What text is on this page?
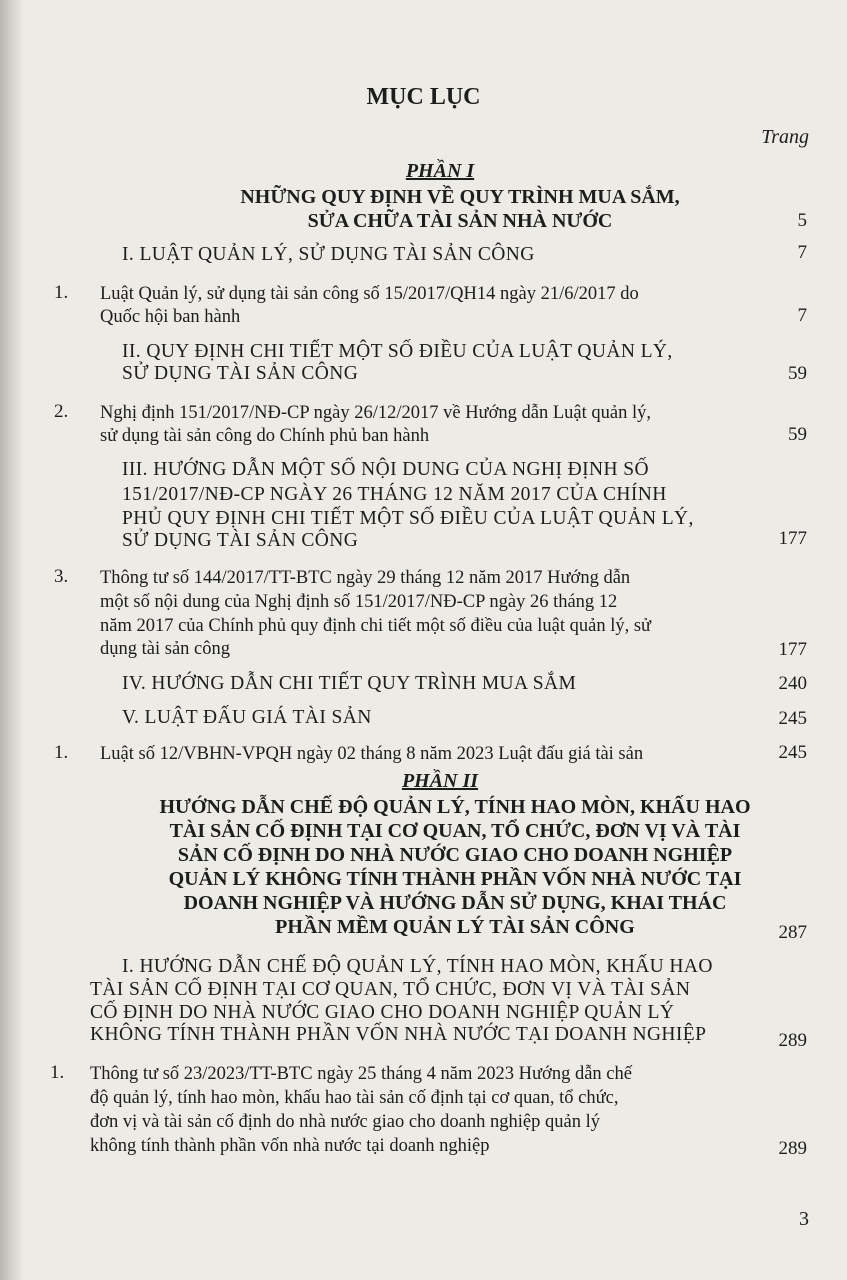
MỤC LỤC
Trang
PHẦN I
NHỮNG QUY ĐỊNH VỀ QUY TRÌNH MUA SẮM,
SỬA CHỮA TÀI SẢN NHÀ NƯỚC	5
I. LUẬT QUẢN LÝ, SỬ DỤNG TÀI SẢN CÔNG	7
1. Luật Quản lý, sử dụng tài sản công số 15/2017/QH14 ngày 21/6/2017 do
Quốc hội ban hành	7
II. QUY ĐỊNH CHI TIẾT MỘT SỐ ĐIỀU CỦA LUẬT QUẢN LÝ,
SỬ DỤNG TÀI SẢN CÔNG	59
2. Nghị định 151/2017/NĐ-CP ngày 26/12/2017 về Hướng dẫn Luật quản lý,
sử dụng tài sản công do Chính phủ ban hành	59
III. HƯỚNG DẪN MỘT SỐ NỘI DUNG CỦA NGHỊ ĐỊNH SỐ
151/2017/NĐ-CP NGÀY 26 THÁNG 12 NĂM 2017 CỦA CHÍNH
PHỦ QUY ĐỊNH CHI TIẾT MỘT SỐ ĐIỀU CỦA LUẬT QUẢN LÝ,
SỬ DỤNG TÀI SẢN CÔNG	177
3. Thông tư số 144/2017/TT-BTC ngày 29 tháng 12 năm 2017 Hướng dẫn
một số nội dung của Nghị định số 151/2017/NĐ-CP ngày 26 tháng 12
năm 2017 của Chính phủ quy định chi tiết một số điều của luật quản lý, sử
dụng tài sản công	177
IV. HƯỚNG DẪN CHI TIẾT QUY TRÌNH MUA SẮM	240
V. LUẬT ĐẤU GIÁ TÀI SẢN	245
1. Luật số 12/VBHN-VPQH ngày 02 tháng 8 năm 2023 Luật đấu giá tài sản	245
PHẦN II
HƯỚNG DẪN CHẾ ĐỘ QUẢN LÝ, TÍNH HAO MÒN, KHẤU HAO
TÀI SẢN CỐ ĐỊNH TẠI CƠ QUAN, TỔ CHỨC, ĐƠN VỊ VÀ TÀI
SẢN CỐ ĐỊNH DO NHÀ NƯỚC GIAO CHO DOANH NGHIỆP
QUẢN LÝ KHÔNG TÍNH THÀNH PHẦN VỐN NHÀ NƯỚC TẠI
DOANH NGHIỆP VÀ HƯỚNG DẪN SỬ DỤNG, KHAI THÁC
PHẦN MỀM QUẢN LÝ TÀI SẢN CÔNG	287
I. HƯỚNG DẪN CHẾ ĐỘ QUẢN LÝ, TÍNH HAO MÒN, KHẤU HAO
TÀI SẢN CỐ ĐỊNH TẠI CƠ QUAN, TỔ CHỨC, ĐƠN VỊ VÀ TÀI SẢN
CỐ ĐỊNH DO NHÀ NƯỚC GIAO CHO DOANH NGHIỆP QUẢN LÝ
KHÔNG TÍNH THÀNH PHẦN VỐN NHÀ NƯỚC TẠI DOANH NGHIỆP	289
1. Thông tư số 23/2023/TT-BTC ngày 25 tháng 4 năm 2023 Hướng dẫn chế
độ quản lý, tính hao mòn, khấu hao tài sản cố định tại cơ quan, tổ chức,
đơn vị và tài sản cố định do nhà nước giao cho doanh nghiệp quản lý
không tính thành phần vốn nhà nước tại doanh nghiệp	289
3
